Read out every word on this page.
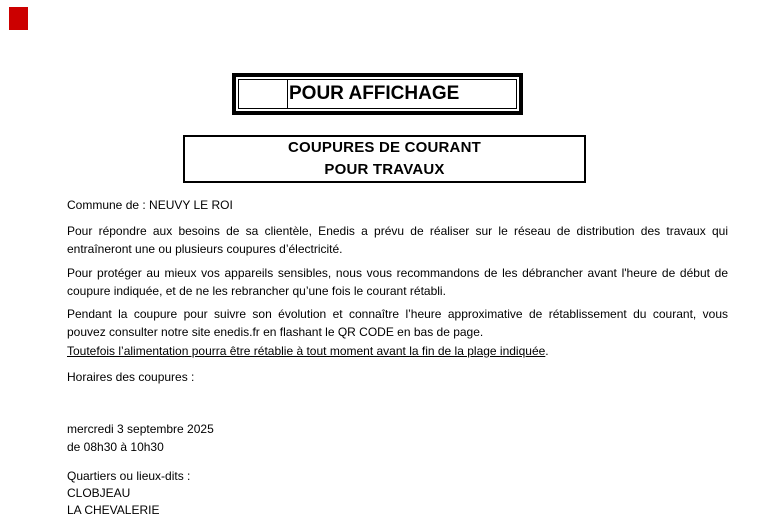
POUR AFFICHAGE
COUPURES DE COURANT
POUR TRAVAUX
Commune de : NEUVY LE ROI
Pour répondre aux besoins de sa clientèle, Enedis a prévu de réaliser sur le réseau de distribution des travaux qui
entraîneront une ou plusieurs coupures d’électricité.
Pour protéger au mieux vos appareils sensibles, nous vous recommandons de les débrancher avant l'heure de début de
coupure indiquée, et de ne les rebrancher qu’une fois le courant rétabli.
Pendant la coupure pour suivre son évolution et connaître l’heure approximative de rétablissement du courant, vous
pouvez consulter notre site enedis.fr en flashant le QR CODE en bas de page.
Toutefois l’alimentation pourra être rétablie à tout moment avant la fin de la plage indiquée.
Horaires des coupures :
mercredi 3 septembre 2025
de 08h30 à 10h30
Quartiers ou lieux-dits :
CLOBJEAU
LA CHEVALERIE
